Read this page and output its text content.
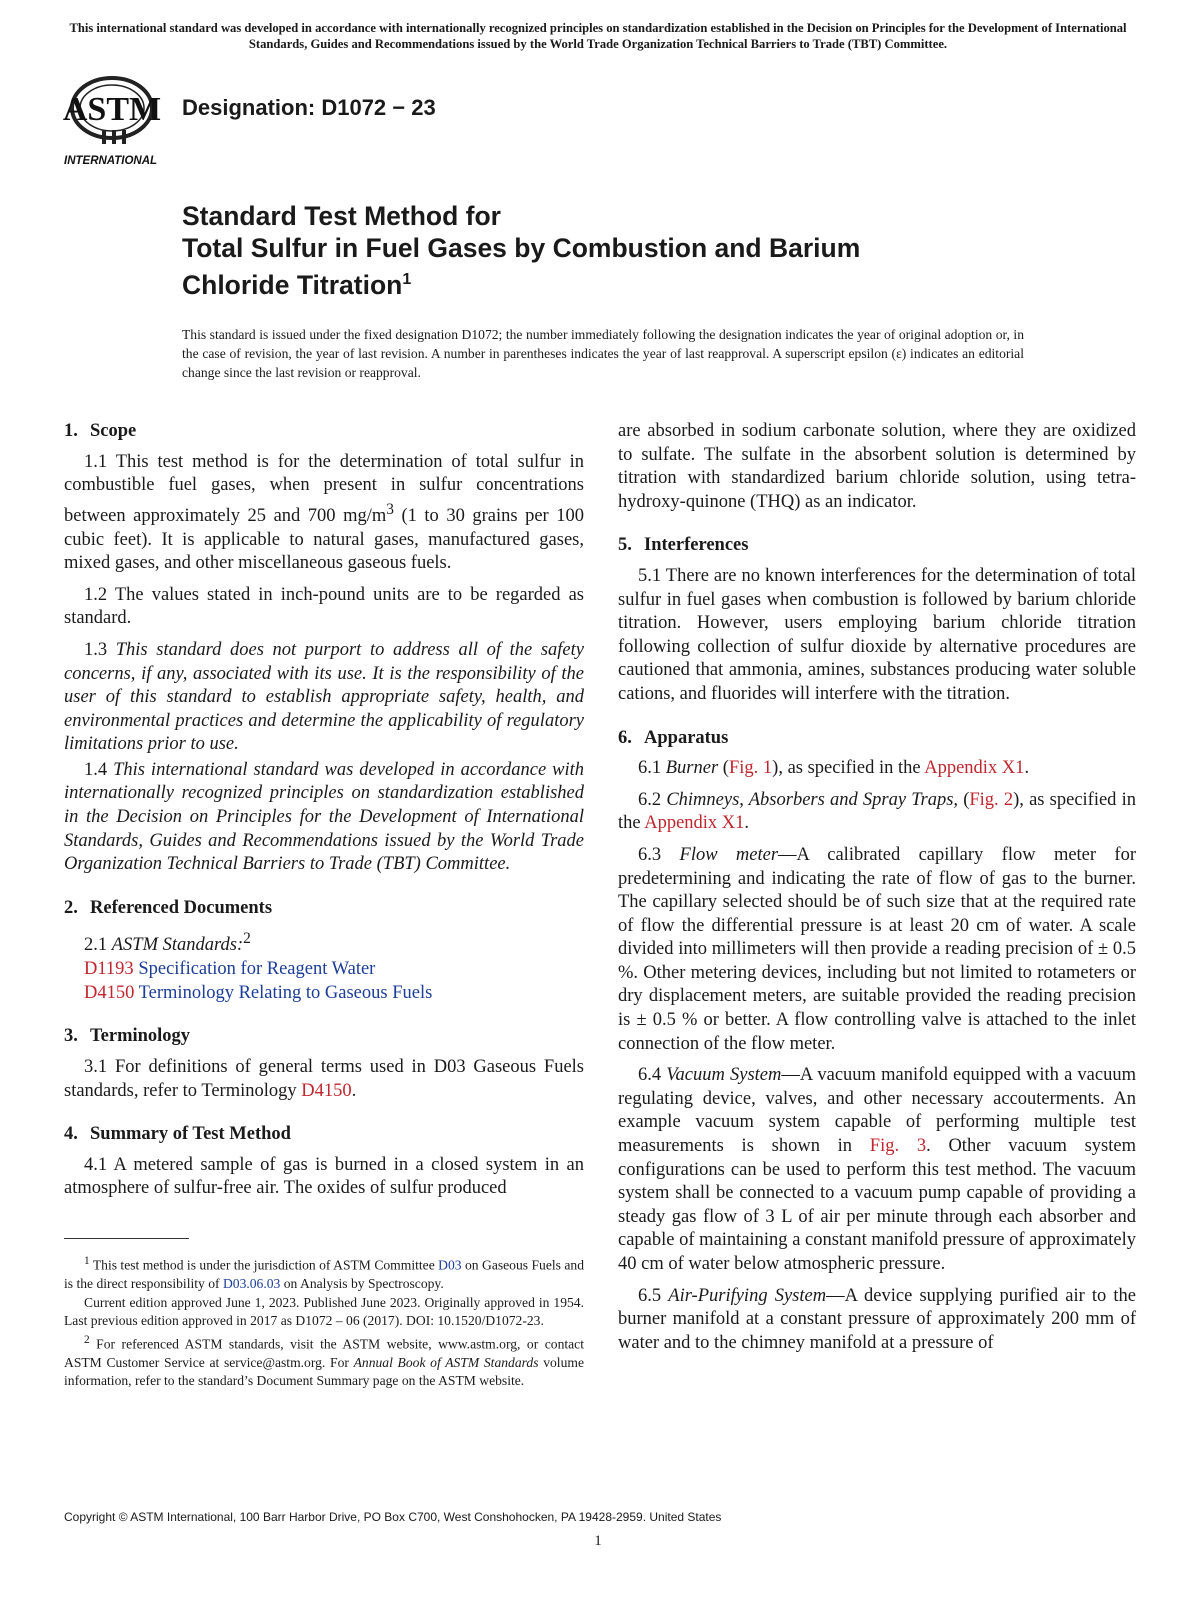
This international standard was developed in accordance with internationally recognized principles on standardization established in the Decision on Principles for the Development of International Standards, Guides and Recommendations issued by the World Trade Organization Technical Barriers to Trade (TBT) Committee.
ASTM
INTERNATIONAL
Designation: D1072 − 23
Standard Test Method for
Total Sulfur in Fuel Gases by Combustion and Barium
Chloride Titration$^1$
This standard is issued under the fixed designation D1072; the number immediately following the designation indicates the year of original adoption or, in the case of revision, the year of last revision. A number in parentheses indicates the year of last reapproval. A superscript epsilon (ε) indicates an editorial change since the last revision or reapproval.
1. Scope

1.1 This test method is for the determination of total sulfur in combustible fuel gases, when present in sulfur concentrations between approximately 25 and 700 $mg/m^3$ (1 to 30 grains per 100 cubic feet). It is applicable to natural gases, manufactured gases, mixed gases, and other miscellaneous gaseous fuels.

1.2 The values stated in inch-pound units are to be regarded as standard.

1.3 This standard does not purport to address all of the safety concerns, if any, associated with its use. It is the responsibility of the user of this standard to establish appropriate safety, health, and environmental practices and determine the applicability of regulatory limitations prior to use.

1.4 This international standard was developed in accordance with internationally recognized principles on standardization established in the Decision on Principles for the Development of International Standards, Guides and Recommendations issued by the World Trade Organization Technical Barriers to Trade (TBT) Committee.

2. Referenced Documents

2.1 ASTM Standards:$^2$

D1193 Specification for Reagent Water
D4150 Terminology Relating to Gaseous Fuels
3. Terminology

3.1 For definitions of general terms used in D03 Gaseous Fuels standards, refer to Terminology D4150.

4. Summary of Test Method

4.1 A metered sample of gas is burned in a closed system in an atmosphere of sulfur-free air. The oxides of sulfur produced

are absorbed in sodium carbonate solution, where they are oxidized to sulfate. The sulfate in the absorbent solution is determined by titration with standardized barium chloride solution, using tetra-hydroxy-quinone (THQ) as an indicator.

5. Interferences

5.1 There are no known interferences for the determination of total sulfur in fuel gases when combustion is followed by barium chloride titration. However, users employing barium chloride titration following collection of sulfur dioxide by alternative procedures are cautioned that ammonia, amines, substances producing water soluble cations, and fluorides will interfere with the titration.

6. Apparatus

6.1 Burner (Fig. 1), as specified in the Appendix X1.

6.2 Chimneys, Absorbers and Spray Traps, (Fig. 2), as specified in the Appendix X1.

6.3 Flow meter—A calibrated capillary flow meter for predetermining and indicating the rate of flow of gas to the burner. The capillary selected should be of such size that at the required rate of flow the differential pressure is at least 20 cm of water. A scale divided into millimeters will then provide a reading precision of ± 0.5 %. Other metering devices, including but not limited to rotameters or dry displacement meters, are suitable provided the reading precision is ± 0.5 % or better. A flow controlling valve is attached to the inlet connection of the flow meter.

6.4 Vacuum System—A vacuum manifold equipped with a vacuum regulating device, valves, and other necessary accouterments. An example vacuum system capable of performing multiple test measurements is shown in Fig. 3. Other vacuum system configurations can be used to perform this test method. The vacuum system shall be connected to a vacuum pump capable of providing a steady gas flow of 3 L of air per minute through each absorber and capable of maintaining a constant manifold pressure of approximately 40 cm of water below atmospheric pressure.

6.5 Air-Purifying System—A device supplying purified air to the burner manifold at a constant pressure of approximately 200 mm of water and to the chimney manifold at a pressure of

$^1$ This test method is under the jurisdiction of ASTM Committee D03 on Gaseous Fuels and is the direct responsibility of D03.06.03 on Analysis by Spectroscopy.

Current edition approved June 1, 2023. Published June 2023. Originally approved in 1954. Last previous edition approved in 2017 as D1072 – 06 (2017). DOI: 10.1520/D1072-23.

$^2$ For referenced ASTM standards, visit the ASTM website, www.astm.org, or contact ASTM Customer Service at service@astm.org. For Annual Book of ASTM Standards volume information, refer to the standard’s Document Summary page on the ASTM website.

Copyright © ASTM International, 100 Barr Harbor Drive, PO Box C700, West Conshohocken, PA 19428-2959. United States
1
